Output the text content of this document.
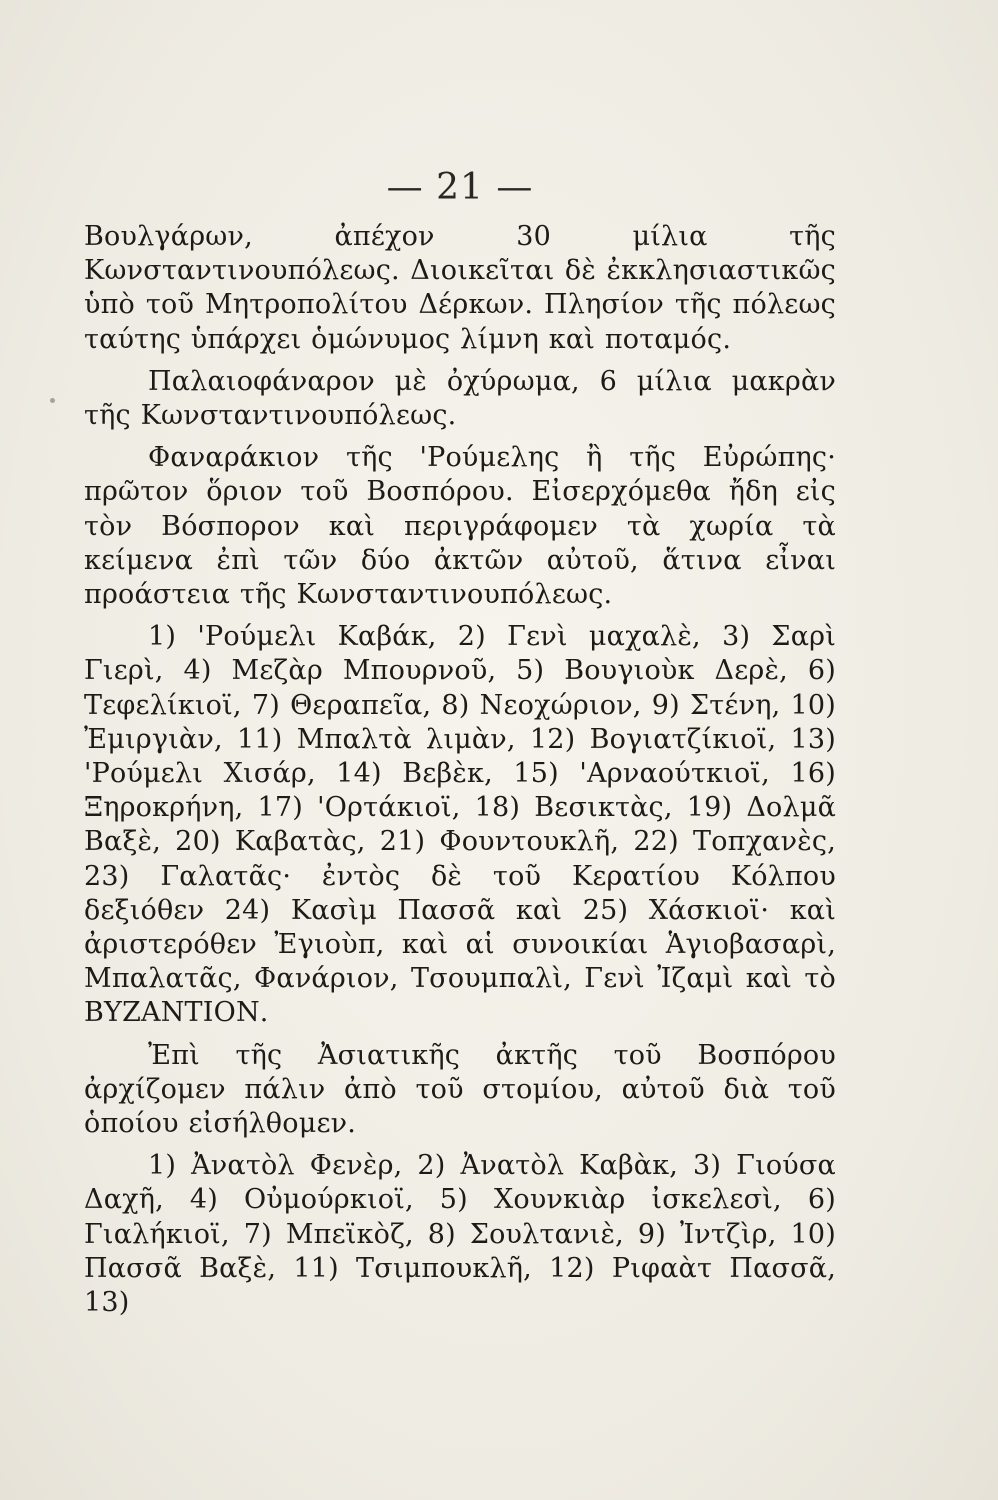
— 21 —

Βουλγάρων, ἀπέχον 30 μίλια τῆς Κωνσταντινουπόλεως. Διοικεῖται δὲ ἐκκλησιαστικῶς ὑπὸ τοῦ Μητροπολίτου Δέρκων. Πλησίον τῆς πόλεως ταύτης ὑπάρχει ὁμώνυμος λίμνη καὶ ποταμός.

Παλαιοφάναρον μὲ ὀχύρωμα, 6 μίλια μακρὰν τῆς Κωνσταντινουπόλεως.

Φαναράκιον τῆς 'Ρούμελης ἢ τῆς Εὐρώπης· πρῶτον ὅριον τοῦ Βοσπόρου. Εἰσερχόμεθα ἤδη εἰς τὸν Βόσπορον καὶ περιγράφομεν τὰ χωρία τὰ κείμενα ἐπὶ τῶν δύο ἀκτῶν αὐτοῦ, ἅτινα εἶναι προάστεια τῆς Κωνσταντινουπόλεως.

1) 'Ρούμελι Καβάκ, 2) Γενὶ μαχαλὲ, 3) Σαρὶ Γιερὶ, 4) Μεζὰρ Μπουρνοῦ, 5) Βουγιοὺκ Δερὲ, 6) Τεφελίκιοϊ, 7) Θεραπεῖα, 8) Νεοχώριον, 9) Στένη, 10) Ἐμιργιὰν, 11) Μπαλτὰ λιμὰν, 12) Βογιατζίκιοϊ, 13) 'Ρούμελι Χισάρ, 14) Βεβὲκ, 15) 'Αρναούτκιοϊ, 16) Ξηροκρήνη, 17) 'Ορτάκιοϊ, 18) Βεσικτὰς, 19) Δολμᾶ Βαξὲ, 20) Καβατὰς, 21) Φουντουκλῆ, 22) Τοπχανὲς, 23) Γαλατᾶς· ἐντὸς δὲ τοῦ Κερατίου Κόλπου δεξιόθεν 24) Κασὶμ Πασσᾶ καὶ 25) Χάσκιοϊ· καὶ ἀριστερόθεν Ἐγιοὺπ, καὶ αἱ συνοικίαι Ἁγιοβασαρὶ, Μπαλατᾶς, Φανάριον, Τσουμπαλὶ, Γενὶ Ἰζαμὶ καὶ τὸ ΒΥΖΑΝΤΙΟΝ.

Ἐπὶ τῆς Ἀσιατικῆς ἀκτῆς τοῦ Βοσπόρου ἀρχίζομεν πάλιν ἀπὸ τοῦ στομίου, αὐτοῦ διὰ τοῦ ὁποίου εἰσήλθομεν.

1) Ἀνατὸλ Φενὲρ, 2) Ἀνατὸλ Καβὰκ, 3) Γιούσα Δαχῆ, 4) Οὐμούρκιοϊ, 5) Χουνκιὰρ ἰσκελεσὶ, 6) Γιαλήκιοϊ, 7) Μπεϊκὸζ, 8) Σουλτανιὲ, 9) Ἰντζὶρ, 10) Πασσᾶ Βαξὲ, 11) Τσιμπουκλῆ, 12) Ριφαὰτ Πασσᾶ, 13)
